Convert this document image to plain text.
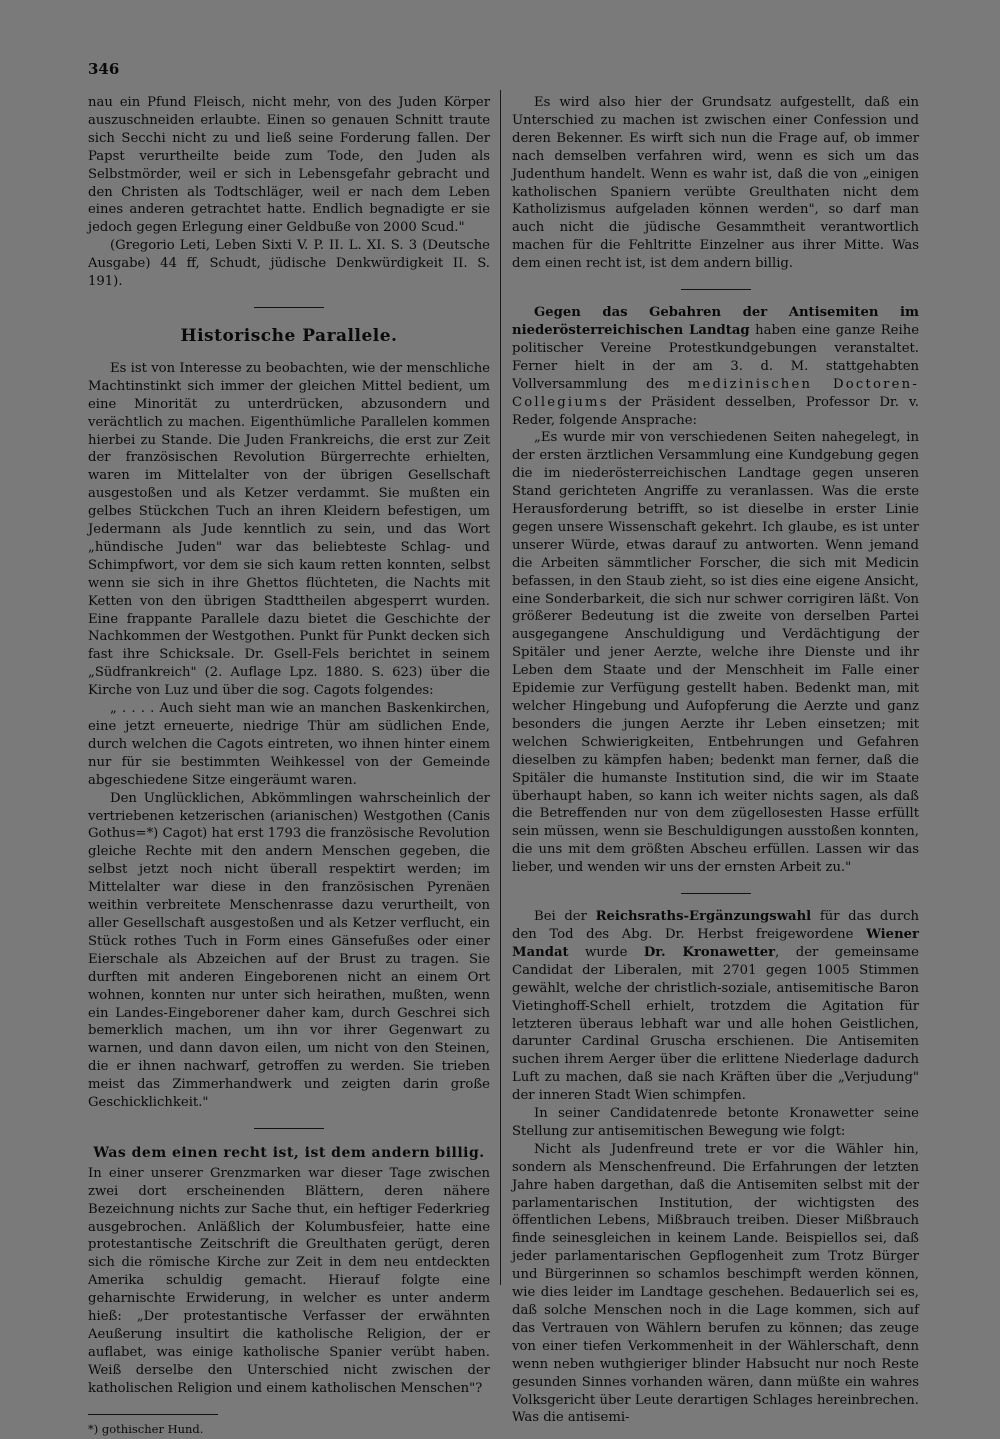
346

nau ein Pfund Fleisch, nicht mehr, von des Juden Körper auszuschneiden erlaubte. Einen so genauen Schnitt traute sich Secchi nicht zu und ließ seine Forderung fallen. Der Papst verurtheilte beide zum Tode, den Juden als Selbstmörder, weil er sich in Lebensgefahr gebracht und den Christen als Todtschläger, weil er nach dem Leben eines anderen getrachtet hatte. Endlich begnadigte er sie jedoch gegen Erlegung einer Geldbuße von 2000 Scud."

(Gregorio Leti, Leben Sixti V. P. II. L. XI. S. 3 (Deutsche Ausgabe) 44 ff, Schudt, jüdische Denkwürdigkeit II. S. 191).

Historische Parallele.

Es ist von Interesse zu beobachten, wie der menschliche Machtinstinkt sich immer der gleichen Mittel bedient, um eine Minorität zu unterdrücken, abzusondern und verächtlich zu machen. Eigenthümliche Parallelen kommen hierbei zu Stande. Die Juden Frankreichs, die erst zur Zeit der französischen Revolution Bürgerrechte erhielten, waren im Mittelalter von der übrigen Gesellschaft ausgestoßen und als Ketzer verdammt. Sie mußten ein gelbes Stückchen Tuch an ihren Kleidern befestigen, um Jedermann als Jude kenntlich zu sein, und das Wort „hündische Juden" war das beliebteste Schlag- und Schimpfwort, vor dem sie sich kaum retten konnten, selbst wenn sie sich in ihre Ghettos flüchteten, die Nachts mit Ketten von den übrigen Stadttheilen abgesperrt wurden. Eine frappante Parallele dazu bietet die Geschichte der Nachkommen der Westgothen. Punkt für Punkt decken sich fast ihre Schicksale. Dr. Gsell-Fels berichtet in seinem „Südfrankreich" (2. Auflage Lpz. 1880. S. 623) über die Kirche von Luz und über die sog. Cagots folgendes:

„ . . . . Auch sieht man wie an manchen Baskenkirchen, eine jetzt erneuerte, niedrige Thür am südlichen Ende, durch welchen die Cagots eintreten, wo ihnen hinter einem nur für sie bestimmten Weihkessel von der Gemeinde abgeschiedene Sitze eingeräumt waren.

Den Unglücklichen, Abkömmlingen wahrscheinlich der vertriebenen ketzerischen (arianischen) Westgothen (Canis Gothus=*) Cagot) hat erst 1793 die französische Revolution gleiche Rechte mit den andern Menschen gegeben, die selbst jetzt noch nicht überall respektirt werden; im Mittelalter war diese in den französischen Pyrenäen weithin verbreitete Menschenrasse dazu verurtheilt, von aller Gesellschaft ausgestoßen und als Ketzer verflucht, ein Stück rothes Tuch in Form eines Gänsefußes oder einer Eierschale als Abzeichen auf der Brust zu tragen. Sie durften mit anderen Eingeborenen nicht an einem Ort wohnen, konnten nur unter sich heirathen, mußten, wenn ein Landes-Eingeborener daher kam, durch Geschrei sich bemerklich machen, um ihn vor ihrer Gegenwart zu warnen, und dann davon eilen, um nicht von den Steinen, die er ihnen nachwarf, getroffen zu werden. Sie trieben meist das Zimmerhandwerk und zeigten darin große Geschicklichkeit."

Was dem einen recht ist, ist dem andern billig.

In einer unserer Grenzmarken war dieser Tage zwischen zwei dort erscheinenden Blättern, deren nähere Bezeichnung nichts zur Sache thut, ein heftiger Federkrieg ausgebrochen. Anläßlich der Kolumbusfeier, hatte eine protestantische Zeitschrift die Greulthaten gerügt, deren sich die römische Kirche zur Zeit in dem neu entdeckten Amerika schuldig gemacht. Hierauf folgte eine geharnischte Erwiderung, in welcher es unter anderm hieß: „Der protestantische Verfasser der erwähnten Aeußerung insultirt die katholische Religion, der er auflabet, was einige katholische Spanier verübt haben. Weiß derselbe den Unterschied nicht zwischen der katholischen Religion und einem katholischen Menschen"?

*) gothischer Hund.

Es wird also hier der Grundsatz aufgestellt, daß ein Unterschied zu machen ist zwischen einer Confession und deren Bekenner. Es wirft sich nun die Frage auf, ob immer nach demselben verfahren wird, wenn es sich um das Judenthum handelt. Wenn es wahr ist, daß die von „einigen katholischen Spaniern verübte Greulthaten nicht dem Katholizismus aufgeladen können werden", so darf man auch nicht die jüdische Gesammtheit verantwortlich machen für die Fehltritte Einzelner aus ihrer Mitte. Was dem einen recht ist, ist dem andern billig.

Gegen das Gebahren der Antisemiten im niederösterreichischen Landtag haben eine ganze Reihe politischer Vereine Protestkundgebungen veranstaltet. Ferner hielt in der am 3. d. M. stattgehabten Vollversammlung des medizinischen Doctoren-Collegiums der Präsident desselben, Professor Dr. v. Reder, folgende Ansprache:

„Es wurde mir von verschiedenen Seiten nahegelegt, in der ersten ärztlichen Versammlung eine Kundgebung gegen die im niederösterreichischen Landtage gegen unseren Stand gerichteten Angriffe zu veranlassen. Was die erste Herausforderung betrifft, so ist dieselbe in erster Linie gegen unsere Wissenschaft gekehrt. Ich glaube, es ist unter unserer Würde, etwas darauf zu antworten. Wenn jemand die Arbeiten sämmtlicher Forscher, die sich mit Medicin befassen, in den Staub zieht, so ist dies eine eigene Ansicht, eine Sonderbarkeit, die sich nur schwer corrigiren läßt. Von größerer Bedeutung ist die zweite von derselben Partei ausgegangene Anschuldigung und Verdächtigung der Spitäler und jener Aerzte, welche ihre Dienste und ihr Leben dem Staate und der Menschheit im Falle einer Epidemie zur Verfügung gestellt haben. Bedenkt man, mit welcher Hingebung und Aufopferung die Aerzte und ganz besonders die jungen Aerzte ihr Leben einsetzen; mit welchen Schwierigkeiten, Entbehrungen und Gefahren dieselben zu kämpfen haben; bedenkt man ferner, daß die Spitäler die humanste Institution sind, die wir im Staate überhaupt haben, so kann ich weiter nichts sagen, als daß die Betreffenden nur von dem zügellosesten Hasse erfüllt sein müssen, wenn sie Beschuldigungen ausstoßen konnten, die uns mit dem größten Abscheu erfüllen. Lassen wir das lieber, und wenden wir uns der ernsten Arbeit zu."

Bei der Reichsraths-Ergänzungswahl für das durch den Tod des Abg. Dr. Herbst freigewordene Wiener Mandat wurde Dr. Kronawetter, der gemeinsame Candidat der Liberalen, mit 2701 gegen 1005 Stimmen gewählt, welche der christlich-soziale, antisemitische Baron Vietinghoff-Schell erhielt, trotzdem die Agitation für letzteren überaus lebhaft war und alle hohen Geistlichen, darunter Cardinal Gruscha erschienen. Die Antisemiten suchen ihrem Aerger über die erlittene Niederlage dadurch Luft zu machen, daß sie nach Kräften über die „Verjudung" der inneren Stadt Wien schimpfen.

In seiner Candidatenrede betonte Kronawetter seine Stellung zur antisemitischen Bewegung wie folgt:

Nicht als Judenfreund trete er vor die Wähler hin, sondern als Menschenfreund. Die Erfahrungen der letzten Jahre haben dargethan, daß die Antisemiten selbst mit der parlamentarischen Institution, der wichtigsten des öffentlichen Lebens, Mißbrauch treiben. Dieser Mißbrauch finde seinesgleichen in keinem Lande. Beispiellos sei, daß jeder parlamentarischen Gepflogenheit zum Trotz Bürger und Bürgerinnen so schamlos beschimpft werden können, wie dies leider im Landtage geschehen. Bedauerlich sei es, daß solche Menschen noch in die Lage kommen, sich auf das Vertrauen von Wählern berufen zu können; das zeuge von einer tiefen Verkommenheit in der Wählerschaft, denn wenn neben wuthgieriger blinder Habsucht nur noch Reste gesunden Sinnes vorhanden wären, dann müßte ein wahres Volksgericht über Leute derartigen Schlages hereinbrechen. Was die antisemi-
